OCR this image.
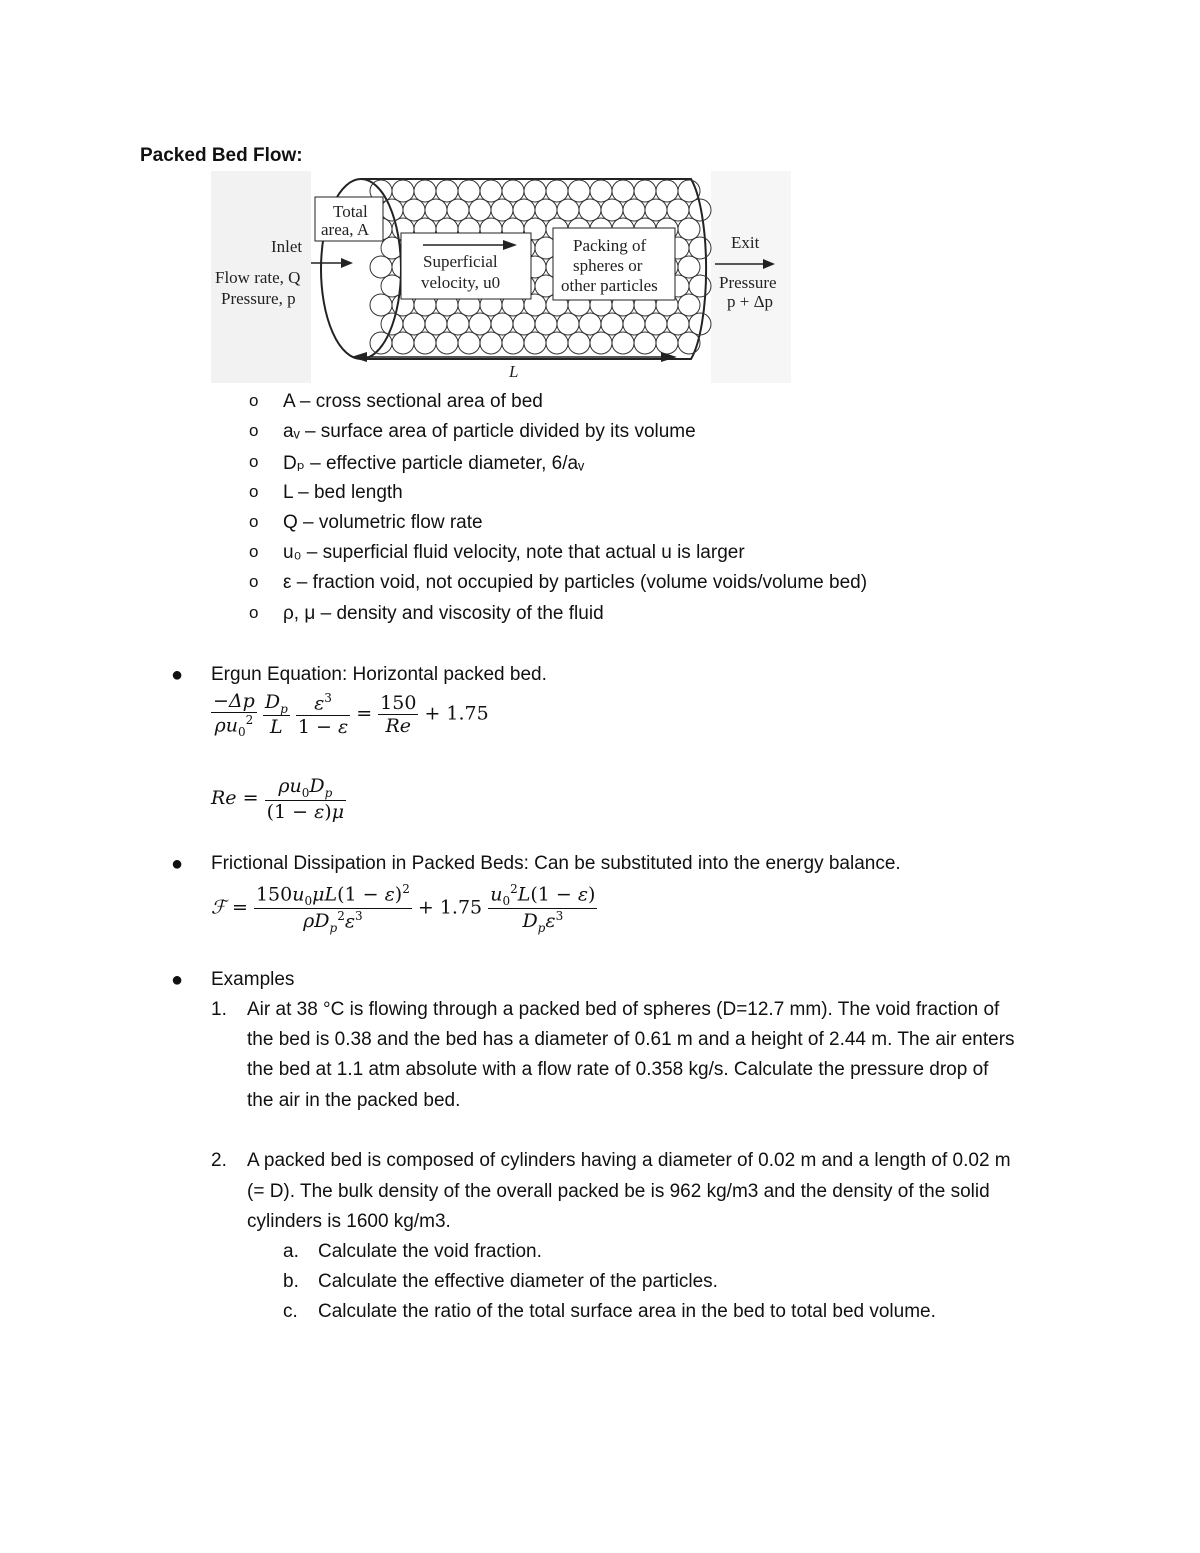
Packed Bed Flow:
Total
area, A
Inlet
Flow rate, Q
Pressure, p
Superficial
velocity, u0
Packing of
spheres or
other particles
Exit
Pressure
p + Δp
L
o A – cross sectional area of bed
o aᵥ – surface area of particle divided by its volume
o Dₚ – effective particle diameter, 6/aᵥ
o L – bed length
o Q – volumetric flow rate
o u₀ – superficial fluid velocity, note that actual u is larger
o ε – fraction void, not occupied by particles (volume voids/volume bed)
o ρ, μ – density and viscosity of the fluid
● Ergun Equation: Horizontal packed bed.
$\frac{-\Delta p}{\rho u_0^2}$
$\frac{D_p}{L}$
$\frac{\varepsilon^3}{1 - \varepsilon} = \frac{150}{Re} + 1.75$
$Re = \frac{\rho u_0D_p}{(1 - \varepsilon)\mu}$
● Frictional Dissipation in Packed Beds: Can be substituted into the energy balance.
ℱ = $\frac{150u_0\mu L(1 - \varepsilon)^2}{\rho D_p^2\varepsilon^3} + 1.75 \frac{u_0^2L(1 - \varepsilon)}{D_p\varepsilon^3}$
● Examples
1. Air at 38 °C is flowing through a packed bed of spheres (D=12.7 mm). The void fraction of
the bed is 0.38 and the bed has a diameter of 0.61 m and a height of 2.44 m. The air enters
the bed at 1.1 atm absolute with a flow rate of 0.358 kg/s. Calculate the pressure drop of
the air in the packed bed.
2. A packed bed is composed of cylinders having a diameter of 0.02 m and a length of 0.02 m
(= D). The bulk density of the overall packed be is 962 kg/m3 and the density of the solid
cylinders is 1600 kg/m3.
a. Calculate the void fraction.
b. Calculate the effective diameter of the particles.
c. Calculate the ratio of the total surface area in the bed to total bed volume.
